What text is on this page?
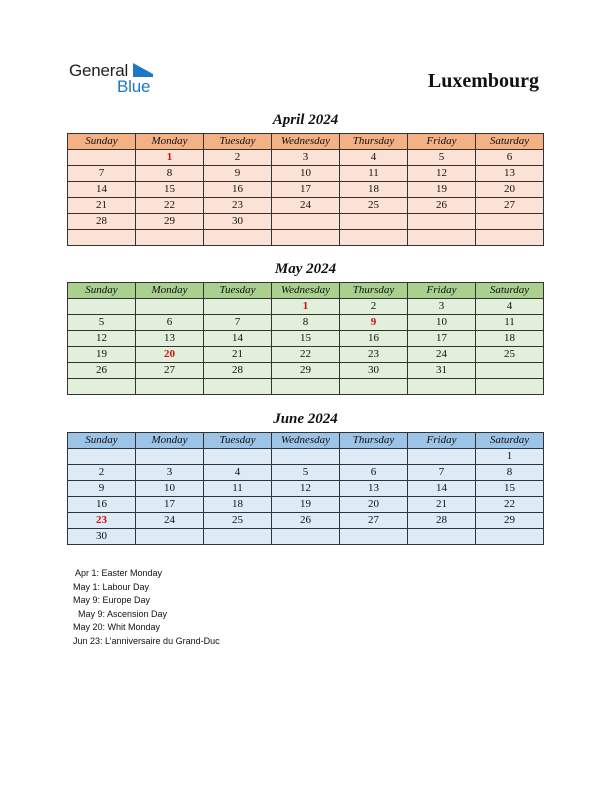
General
Blue	Luxembourg
April 2024
Sunday	Monday	Tuesday	Wednesday	Thursday	Friday	Saturday
	1	2	3	4	5	6
7	8	9	10	11	12	13
14	15	16	17	18	19	20
21	22	23	24	25	26	27
28	29	30				

May 2024
Sunday	Monday	Tuesday	Wednesday	Thursday	Friday	Saturday
			1	2	3	4
5	6	7	8	9	10	11
12	13	14	15	16	17	18
19	20	21	22	23	24	25
26	27	28	29	30	31	

June 2024
Sunday	Monday	Tuesday	Wednesday	Thursday	Friday	Saturday
						1
2	3	4	5	6	7	8
9	10	11	12	13	14	15
16	17	18	19	20	21	22
23	24	25	26	27	28	29
30						
Apr 1: Easter Monday
May 1: Labour Day
May 9: Europe Day
May 9: Ascension Day
May 20: Whit Monday
Jun 23: L’anniversaire du Grand-Duc
